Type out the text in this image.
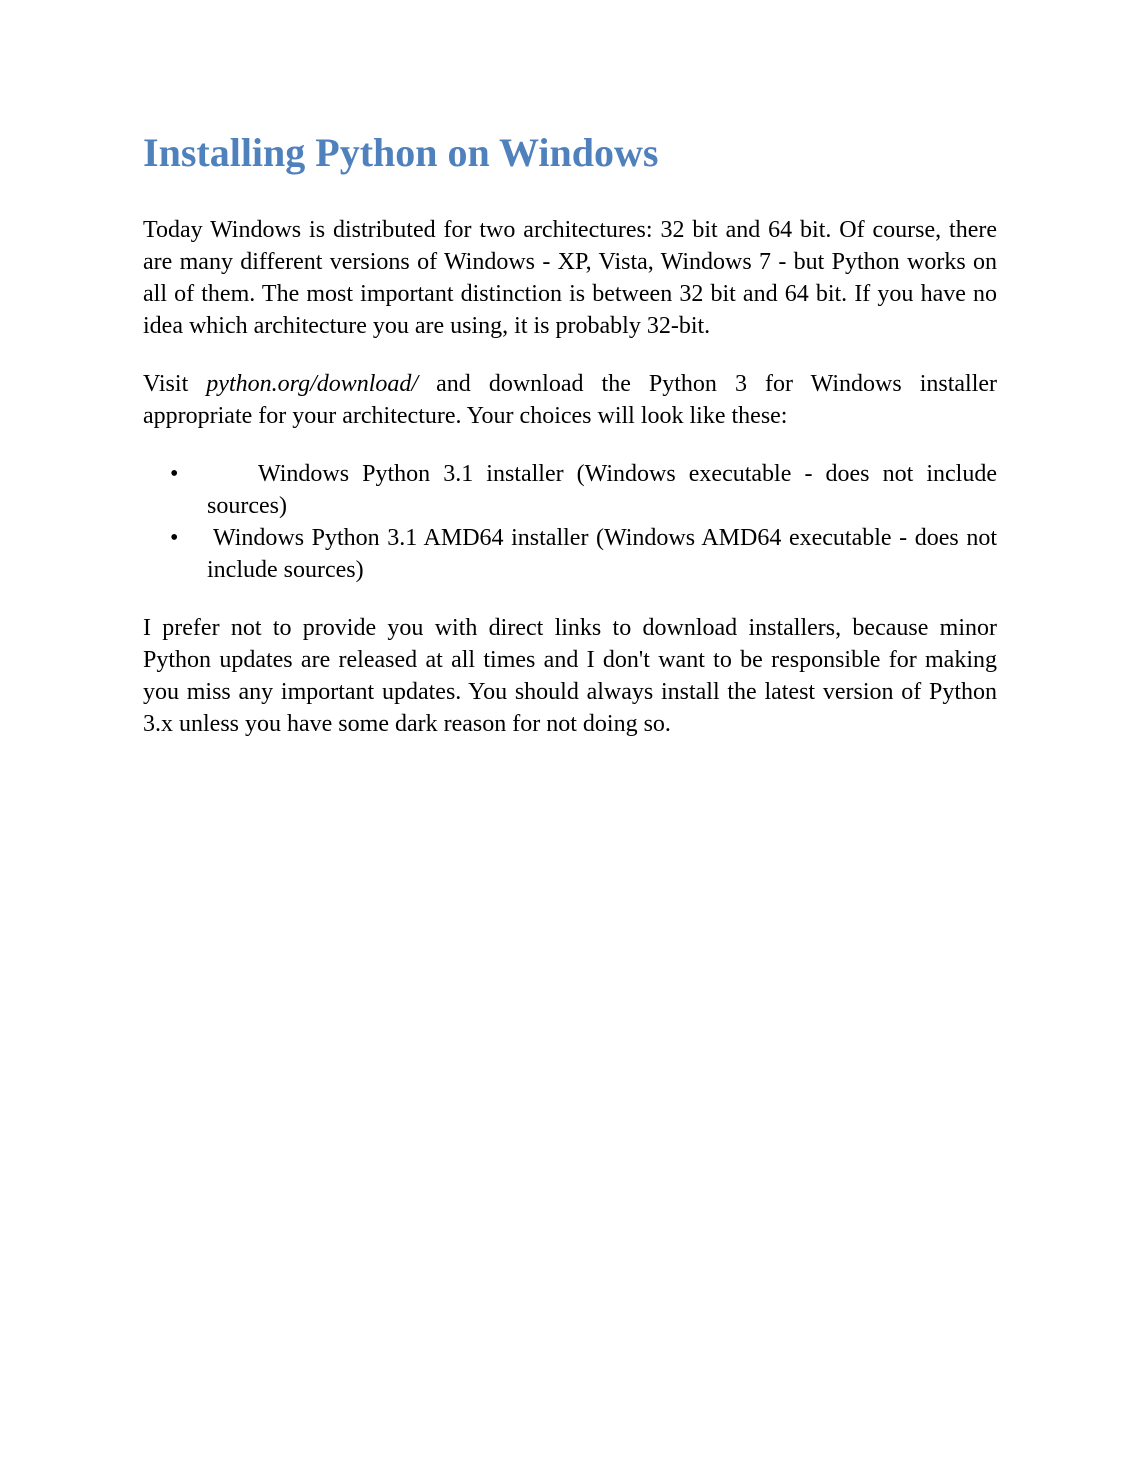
Installing Python on Windows

Today Windows is distributed for two architectures: 32 bit and 64 bit. Of course, there are many different versions of Windows - XP, Vista, Windows 7 - but Python works on all of them. The most important distinction is between 32 bit and 64 bit. If you have no idea which architecture you are using, it is probably 32-bit.

Visit python.org/download/ and download the Python 3 for Windows installer appropriate for your architecture. Your choices will look like these:

•	Windows Python 3.1 installer (Windows executable - does not include sources)
• Windows Python 3.1 AMD64 installer (Windows AMD64 executable - does not include sources)

I prefer not to provide you with direct links to download installers, because minor Python updates are released at all times and I don't want to be responsible for making you miss any important updates. You should always install the latest version of Python 3.x unless you have some dark reason for not doing so.
